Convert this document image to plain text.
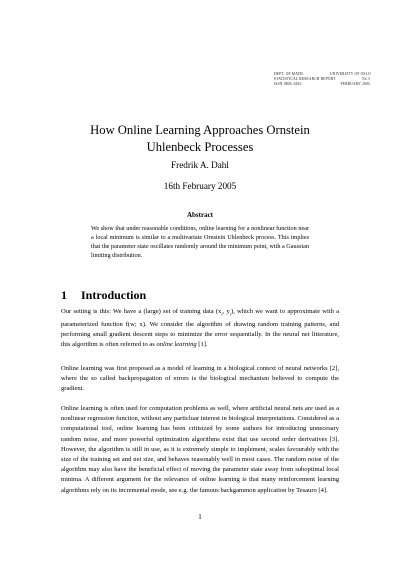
DEPT. OF MATH.
STATISTICAL RESEARCH REPORT
ISSN 0806–3842
UNIVERSITY OF OSLO
No 3
FEBRUARY 2005
How Online Learning Approaches Ornstein
Uhlenbeck Processes
Fredrik A. Dahl
16th February 2005
Abstract
We show that under reasonable conditions, online learning for a nonlinear function near a local minimum is similar to a multivariate Ornstein Uhlenbeck process. This implies that the parameter state oscillates randomly around the minimum point, with a Gaussian limiting distribution.
1 Introduction
Our setting is this: We have a (large) set of training data ($x_i$, $y_i$), which we want to approximate with a parameterized function f(w; x). We consider the algorithm of drawing random training patterns, and performing small gradient descent steps to minimize the error sequentially. In the neural net litterature, this algorithm is often referred to as online learning [1].
Online learning was first proposed as a model of learning in a biological context of neural networks [2], where the so called backpropagation of errors is the biological mechanism believed to compute the gradient.
Online learning is often used for computation problems as well, where artificial neural nets are used as a nonlinear regression function, without any particluar interest in biological interpretations. Considered as a computational tool, online learning has been critisized by some authors for introducing unnecesary random noise, and more powerful optimization algorithms exist that use second order derivatives [3]. However, the algorithm is still in use, as it is extremely simple to implement, scales favourably with the size of the training set and net size, and behaves reasonably well in most cases. The random noise of the algorithm may also have the beneficial effect of moving the parameter state away from suboptimal local minima. A different argument for the relevance of online learning is that many reinforcement learning algorithms rely on its incremental mode, see e.g. the famous backgammon application by Tesauro [4].
1
